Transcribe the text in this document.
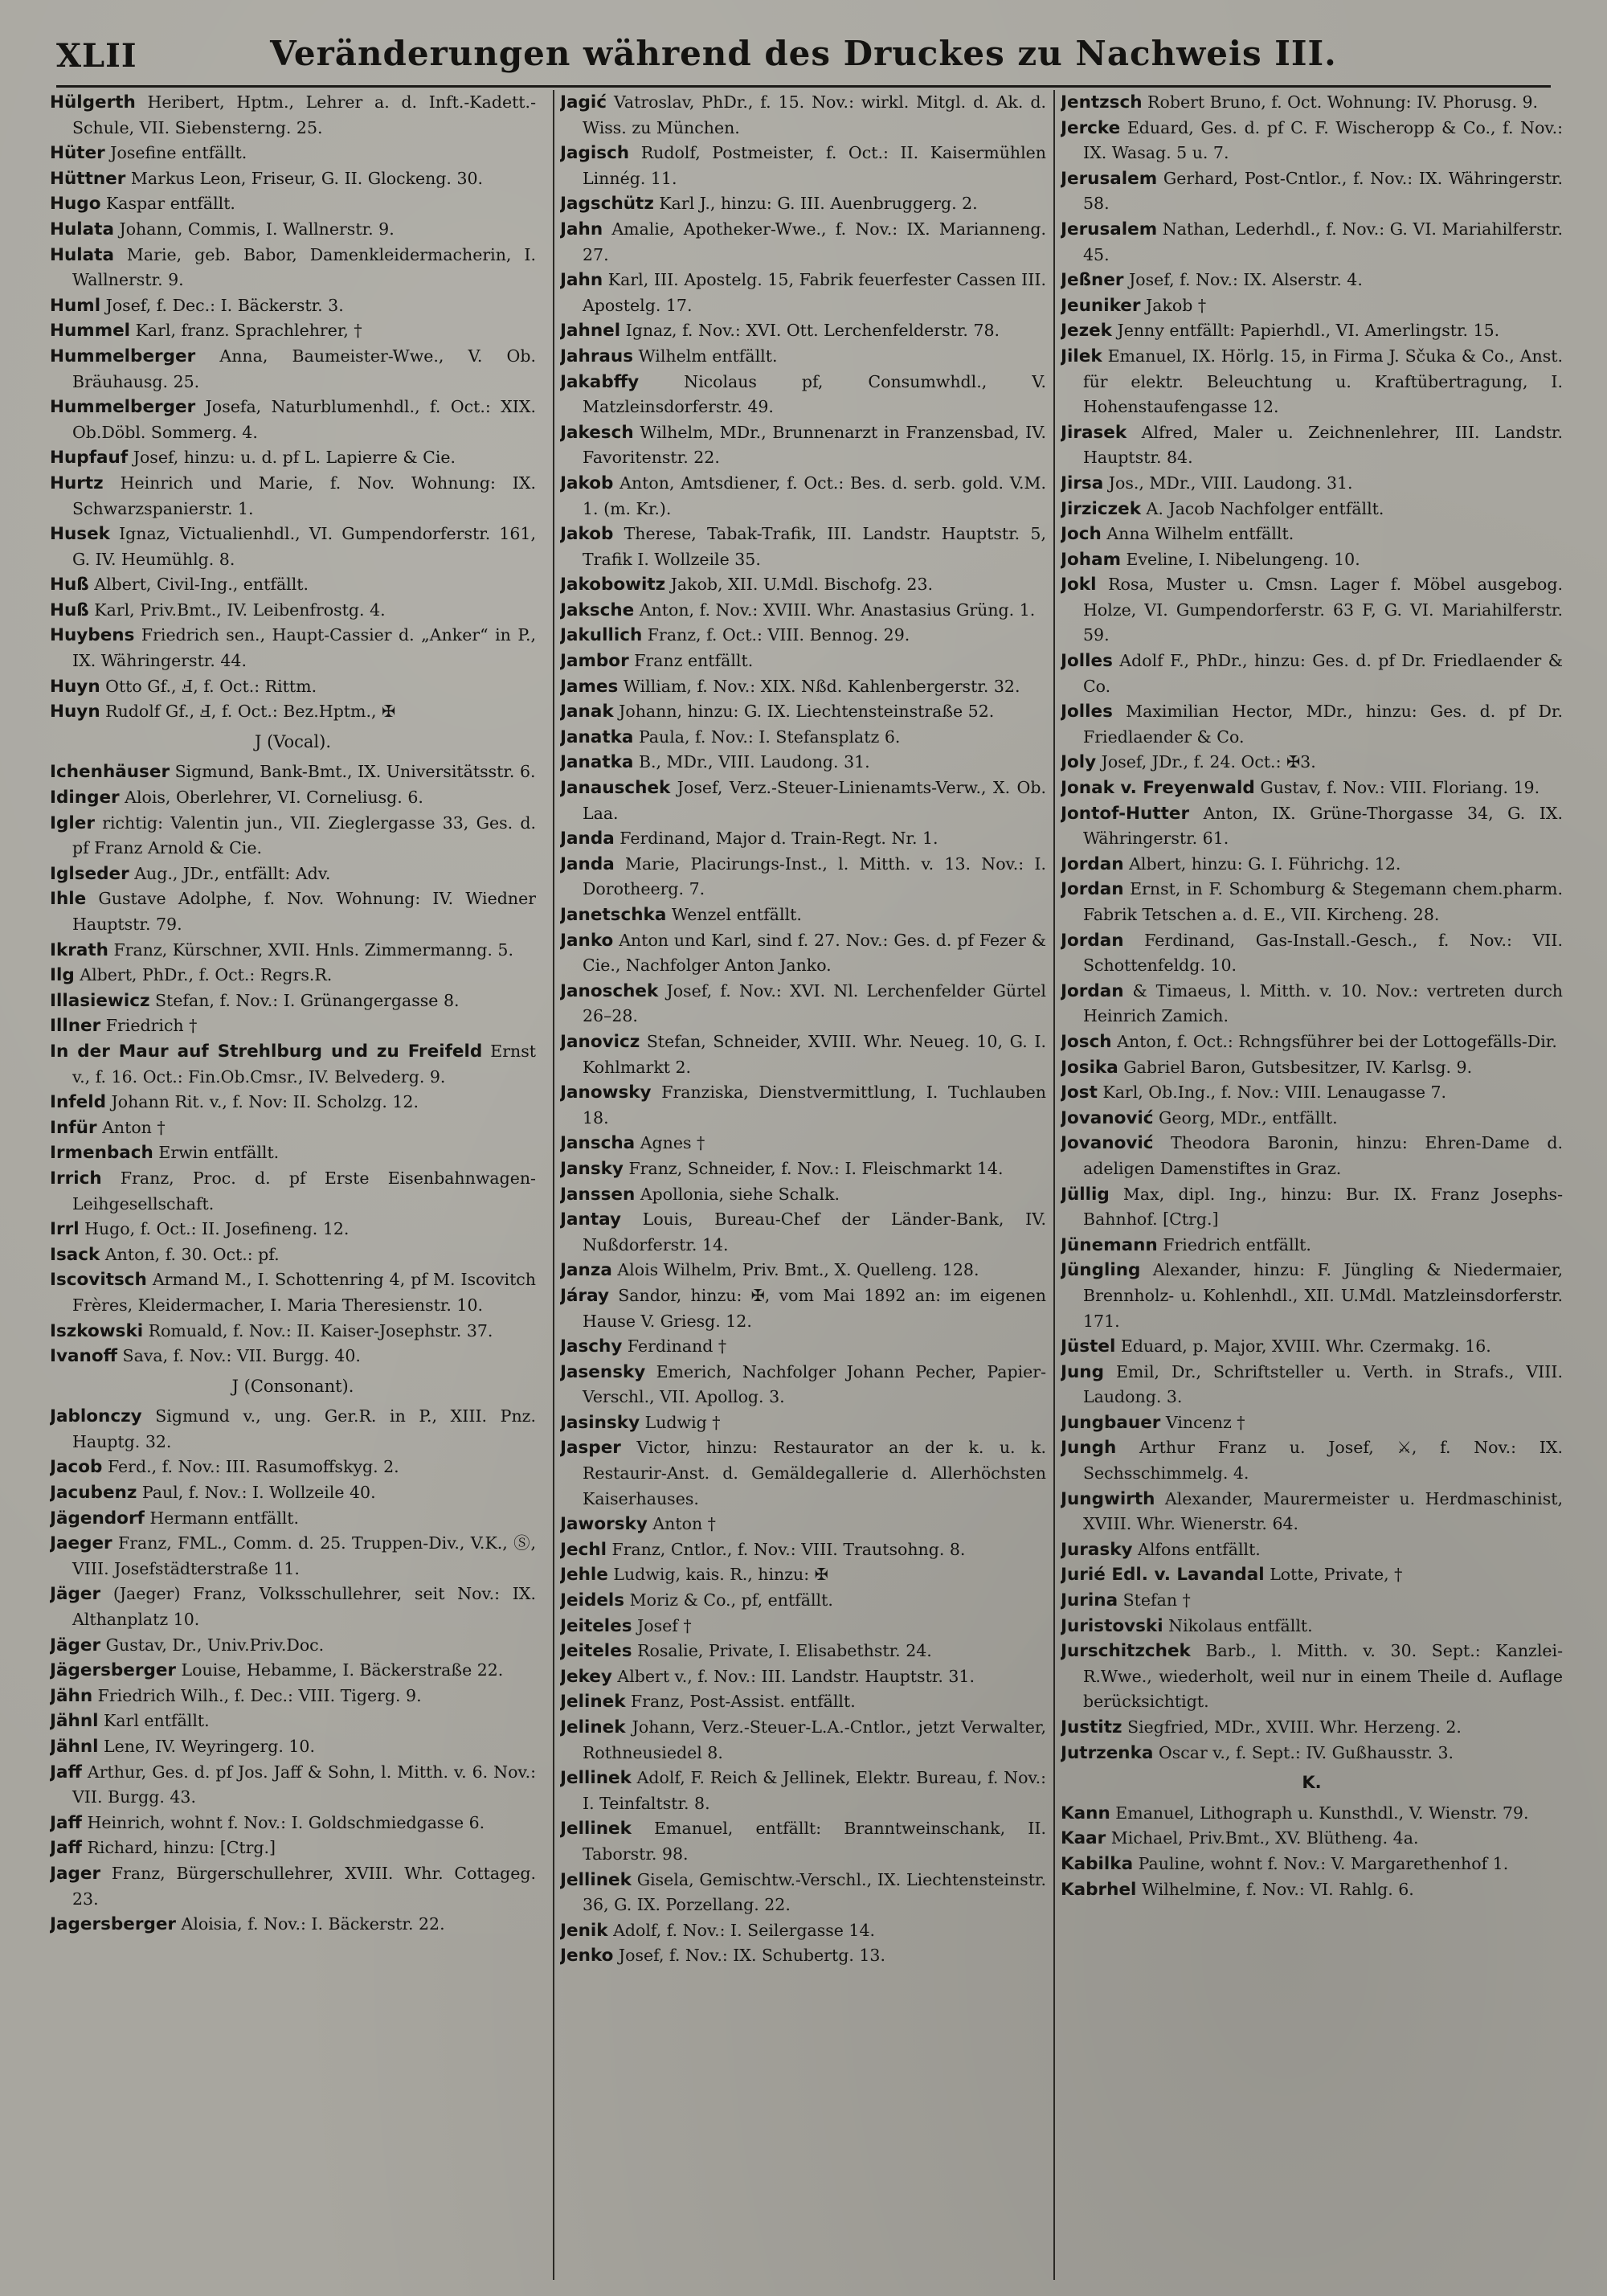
XLII	Veränderungen während des Druckes zu Nachweis III.

Hülgerth Heribert, Hptm., Lehrer a. d. Inft.-Kadett.-Schule, VII. Siebensterng. 25.

Hüter Josefine entfällt.

Hüttner Markus Leon, Friseur, G. II. Glockeng. 30.

Hugo Kaspar entfällt.

Hulata Johann, Commis, I. Wallnerstr. 9.

Hulata Marie, geb. Babor, Damenkleidermacherin, I. Wallnerstr. 9.

Huml Josef, f. Dec.: I. Bäckerstr. 3.

Hummel Karl, franz. Sprachlehrer, †

Hummelberger Anna, Baumeister-Wwe., V. Ob. Bräuhausg. 25.

Hummelberger Josefa, Naturblumenhdl., f. Oct.: XIX. Ob.Döbl. Sommerg. 4.

Hupfauf Josef, hinzu: u. d. pf L. Lapierre & Cie.

Hurtz Heinrich und Marie, f. Nov. Wohnung: IX. Schwarzspanierstr. 1.

Husek Ignaz, Victualienhdl., VI. Gumpendorferstr. 161, G. IV. Heumühlg. 8.

Huß Albert, Civil-Ing., entfällt.

Huß Karl, Priv.Bmt., IV. Leibenfrostg. 4.

Huybens Friedrich sen., Haupt-Cassier d. „Anker“ in P., IX. Währingerstr. 44.

Huyn Otto Gf., Ⅎ, f. Oct.: Rittm.

Huyn Rudolf Gf., Ⅎ, f. Oct.: Bez.Hptm., ✠

J (Vocal).

Ichenhäuser Sigmund, Bank-Bmt., IX. Universitätsstr. 6.

Idinger Alois, Oberlehrer, VI. Corneliusg. 6.

Igler richtig: Valentin jun., VII. Zieglergasse 33, Ges. d. pf Franz Arnold & Cie.

Iglseder Aug., JDr., entfällt: Adv.

Ihle Gustave Adolphe, f. Nov. Wohnung: IV. Wiedner Hauptstr. 79.

Ikrath Franz, Kürschner, XVII. Hnls. Zimmermanng. 5.

Ilg Albert, PhDr., f. Oct.: Regrs.R.

Illasiewicz Stefan, f. Nov.: I. Grünangergasse 8.

Illner Friedrich †

In der Maur auf Strehlburg und zu Freifeld Ernst v., f. 16. Oct.: Fin.Ob.Cmsr., IV. Belvederg. 9.

Infeld Johann Rit. v., f. Nov: II. Scholzg. 12.

Infür Anton †

Irmenbach Erwin entfällt.

Irrich Franz, Proc. d. pf Erste Eisenbahnwagen-Leihgesellschaft.

Irrl Hugo, f. Oct.: II. Josefineng. 12.

Isack Anton, f. 30. Oct.: pf.

Iscovitsch Armand M., I. Schottenring 4, pf M. Iscovitch Frères, Kleidermacher, I. Maria Theresienstr. 10.

Iszkowski Romuald, f. Nov.: II. Kaiser-Josephstr. 37.

Ivanoff Sava, f. Nov.: VII. Burgg. 40.

J (Consonant).

Jablonczy Sigmund v., ung. Ger.R. in P., XIII. Pnz. Hauptg. 32.

Jacob Ferd., f. Nov.: III. Rasumoffskyg. 2.

Jacubenz Paul, f. Nov.: I. Wollzeile 40.

Jägendorf Hermann entfällt.

Jaeger Franz, FML., Comm. d. 25. Truppen-Div., V.K., Ⓢ, VIII. Josefstädterstraße 11.

Jäger (Jaeger) Franz, Volksschullehrer, seit Nov.: IX. Althanplatz 10.

Jäger Gustav, Dr., Univ.Priv.Doc.

Jägersberger Louise, Hebamme, I. Bäckerstraße 22.

Jähn Friedrich Wilh., f. Dec.: VIII. Tigerg. 9.

Jähnl Karl entfällt.

Jähnl Lene, IV. Weyringerg. 10.

Jaff Arthur, Ges. d. pf Jos. Jaff & Sohn, l. Mitth. v. 6. Nov.: VII. Burgg. 43.

Jaff Heinrich, wohnt f. Nov.: I. Goldschmiedgasse 6.

Jaff Richard, hinzu: [Ctrg.]

Jager Franz, Bürgerschullehrer, XVIII. Whr. Cottageg. 23.

Jagersberger Aloisia, f. Nov.: I. Bäckerstr. 22.

Jagić Vatroslav, PhDr., f. 15. Nov.: wirkl. Mitgl. d. Ak. d. Wiss. zu München.

Jagisch Rudolf, Postmeister, f. Oct.: II. Kaisermühlen Linnég. 11.

Jagschütz Karl J., hinzu: G. III. Auenbruggerg. 2.

Jahn Amalie, Apotheker-Wwe., f. Nov.: IX. Marianneng. 27.

Jahn Karl, III. Apostelg. 15, Fabrik feuerfester Cassen III. Apostelg. 17.

Jahnel Ignaz, f. Nov.: XVI. Ott. Lerchenfelderstr. 78.

Jahraus Wilhelm entfällt.

Jakabffy Nicolaus pf, Consumwhdl., V. Matzleinsdorferstr. 49.

Jakesch Wilhelm, MDr., Brunnenarzt in Franzensbad, IV. Favoritenstr. 22.

Jakob Anton, Amtsdiener, f. Oct.: Bes. d. serb. gold. V.M. 1. (m. Kr.).

Jakob Therese, Tabak-Trafik, III. Landstr. Hauptstr. 5, Trafik I. Wollzeile 35.

Jakobowitz Jakob, XII. U.Mdl. Bischofg. 23.

Jaksche Anton, f. Nov.: XVIII. Whr. Anastasius Grüng. 1.

Jakullich Franz, f. Oct.: VIII. Bennog. 29.

Jambor Franz entfällt.

James William, f. Nov.: XIX. Nßd. Kahlenbergerstr. 32.

Janak Johann, hinzu: G. IX. Liechtensteinstraße 52.

Janatka Paula, f. Nov.: I. Stefansplatz 6.

Janatka B., MDr., VIII. Laudong. 31.

Janauschek Josef, Verz.-Steuer-Linienamts-Verw., X. Ob. Laa.

Janda Ferdinand, Major d. Train-Regt. Nr. 1.

Janda Marie, Placirungs-Inst., l. Mitth. v. 13. Nov.: I. Dorotheerg. 7.

Janetschka Wenzel entfällt.

Janko Anton und Karl, sind f. 27. Nov.: Ges. d. pf Fezer & Cie., Nachfolger Anton Janko.

Janoschek Josef, f. Nov.: XVI. Nl. Lerchenfelder Gürtel 26–28.

Janovicz Stefan, Schneider, XVIII. Whr. Neueg. 10, G. I. Kohlmarkt 2.

Janowsky Franziska, Dienstvermittlung, I. Tuchlauben 18.

Janscha Agnes †

Jansky Franz, Schneider, f. Nov.: I. Fleischmarkt 14.

Janssen Apollonia, siehe Schalk.

Jantay Louis, Bureau-Chef der Länder-Bank, IV. Nußdorferstr. 14.

Janza Alois Wilhelm, Priv. Bmt., X. Quelleng. 128.

Járay Sandor, hinzu: ✠, vom Mai 1892 an: im eigenen Hause V. Griesg. 12.

Jaschy Ferdinand †

Jasensky Emerich, Nachfolger Johann Pecher, Papier-Verschl., VII. Apollog. 3.

Jasinsky Ludwig †

Jasper Victor, hinzu: Restaurator an der k. u. k. Restaurir-Anst. d. Gemäldegallerie d. Allerhöchsten Kaiserhauses.

Jaworsky Anton †

Jechl Franz, Cntlor., f. Nov.: VIII. Trautsohng. 8.

Jehle Ludwig, kais. R., hinzu: ✠

Jeidels Moriz & Co., pf, entfällt.

Jeiteles Josef †

Jeiteles Rosalie, Private, I. Elisabethstr. 24.

Jekey Albert v., f. Nov.: III. Landstr. Hauptstr. 31.

Jelinek Franz, Post-Assist. entfällt.

Jelinek Johann, Verz.-Steuer-L.A.-Cntlor., jetzt Verwalter, Rothneusiedel 8.

Jellinek Adolf, F. Reich & Jellinek, Elektr. Bureau, f. Nov.: I. Teinfaltstr. 8.

Jellinek Emanuel, entfällt: Branntweinschank, II. Taborstr. 98.

Jellinek Gisela, Gemischtw.-Verschl., IX. Liechtensteinstr. 36, G. IX. Porzellang. 22.

Jenik Adolf, f. Nov.: I. Seilergasse 14.

Jenko Josef, f. Nov.: IX. Schubertg. 13.

Jentzsch Robert Bruno, f. Oct. Wohnung: IV. Phorusg. 9.

Jercke Eduard, Ges. d. pf C. F. Wischeropp & Co., f. Nov.: IX. Wasag. 5 u. 7.

Jerusalem Gerhard, Post-Cntlor., f. Nov.: IX. Währingerstr. 58.

Jerusalem Nathan, Lederhdl., f. Nov.: G. VI. Mariahilferstr. 45.

Jeßner Josef, f. Nov.: IX. Alserstr. 4.

Jeuniker Jakob †

Jezek Jenny entfällt: Papierhdl., VI. Amerlingstr. 15.

Jilek Emanuel, IX. Hörlg. 15, in Firma J. Sčuka & Co., Anst. für elektr. Beleuchtung u. Kraftübertragung, I. Hohenstaufengasse 12.

Jirasek Alfred, Maler u. Zeichnenlehrer, III. Landstr. Hauptstr. 84.

Jirsa Jos., MDr., VIII. Laudong. 31.

Jirziczek A. Jacob Nachfolger entfällt.

Joch Anna Wilhelm entfällt.

Joham Eveline, I. Nibelungeng. 10.

Jokl Rosa, Muster u. Cmsn. Lager f. Möbel ausgebog. Holze, VI. Gumpendorferstr. 63 F, G. VI. Mariahilferstr. 59.

Jolles Adolf F., PhDr., hinzu: Ges. d. pf Dr. Friedlaender & Co.

Jolles Maximilian Hector, MDr., hinzu: Ges. d. pf Dr. Friedlaender & Co.

Joly Josef, JDr., f. 24. Oct.: ✠3.

Jonak v. Freyenwald Gustav, f. Nov.: VIII. Floriang. 19.

Jontof-Hutter Anton, IX. Grüne-Thorgasse 34, G. IX. Währingerstr. 61.

Jordan Albert, hinzu: G. I. Führichg. 12.

Jordan Ernst, in F. Schomburg & Stegemann chem.pharm. Fabrik Tetschen a. d. E., VII. Kircheng. 28.

Jordan Ferdinand, Gas-Install.-Gesch., f. Nov.: VII. Schottenfeldg. 10.

Jordan & Timaeus, l. Mitth. v. 10. Nov.: vertreten durch Heinrich Zamich.

Josch Anton, f. Oct.: Rchngsführer bei der Lottogefälls-Dir.

Josika Gabriel Baron, Gutsbesitzer, IV. Karlsg. 9.

Jost Karl, Ob.Ing., f. Nov.: VIII. Lenaugasse 7.

Jovanović Georg, MDr., entfällt.

Jovanović Theodora Baronin, hinzu: Ehren-Dame d. adeligen Damenstiftes in Graz.

Jüllig Max, dipl. Ing., hinzu: Bur. IX. Franz Josephs-Bahnhof. [Ctrg.]

Jünemann Friedrich entfällt.

Jüngling Alexander, hinzu: F. Jüngling & Niedermaier, Brennholz- u. Kohlenhdl., XII. U.Mdl. Matzleinsdorferstr. 171.

Jüstel Eduard, p. Major, XVIII. Whr. Czermakg. 16.

Jung Emil, Dr., Schriftsteller u. Verth. in Strafs., VIII. Laudong. 3.

Jungbauer Vincenz †

Jungh Arthur Franz u. Josef, ⚔, f. Nov.: IX. Sechsschimmelg. 4.

Jungwirth Alexander, Maurermeister u. Herdmaschinist, XVIII. Whr. Wienerstr. 64.

Jurasky Alfons entfällt.

Jurié Edl. v. Lavandal Lotte, Private, †

Jurina Stefan †

Juristovski Nikolaus entfällt.

Jurschitzchek Barb., l. Mitth. v. 30. Sept.: Kanzlei-R.Wwe., wiederholt, weil nur in einem Theile d. Auflage berücksichtigt.

Justitz Siegfried, MDr., XVIII. Whr. Herzeng. 2.

Jutrzenka Oscar v., f. Sept.: IV. Gußhausstr. 3.

K.

Kann Emanuel, Lithograph u. Kunsthdl., V. Wienstr. 79.

Kaar Michael, Priv.Bmt., XV. Blütheng. 4a.

Kabilka Pauline, wohnt f. Nov.: V. Margarethenhof 1.

Kabrhel Wilhelmine, f. Nov.: VI. Rahlg. 6.
